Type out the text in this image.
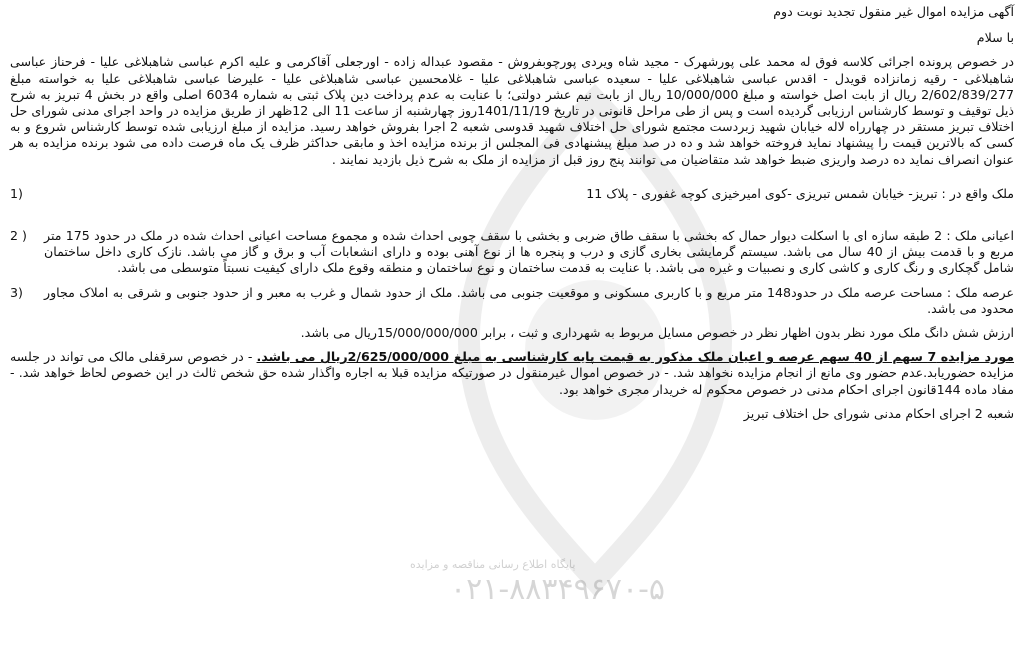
پایگاه اطلاع رسانی مناقصه و مزایده
۰۲۱-۸۸۳۴۹۶۷۰-۵

آگهی مزایده اموال غیر منقول تجدید نوبت دوم

با سلام

در خصوص پرونده اجرائی کلاسه فوق له محمد علی پورشهرک - مجید شاه ویردی پورچوبفروش - مقصود عبداله زاده - اورجعلی آقاکرمی و علیه اکرم عباسی شاهبلاغی علیا - فرحناز عباسی شاهبلاغی - رقیه زمانزاده قویدل - اقدس عباسی شاهبلاغی علیا - سعیده عباسی شاهبلاغی علیا - غلامحسین عباسی شاهبلاغی علیا - علیرضا عباسی شاهبلاغی علیا به خواسته مبلغ 2/602/839/277 ریال از بابت اصل خواسته و مبلغ 10/000/000 ریال از بابت نیم عشر دولتی؛ با عنایت به عدم پرداخت دین پلاک ثبتی به شماره 6034 اصلی واقع در بخش 4 تبریز به شرح ذیل توقیف و توسط کارشناس ارزیابی گردیده است و پس از طی مراحل قانونی در تاریخ 1401/11/19روز چهارشنبه از ساعت 11 الی 12ظهر از طریق مزایده در واحد اجرای مدنی شورای حل اختلاف تبریز مستقر در چهارراه لاله خیابان شهید زبردست مجتمع شورای حل اختلاف شهید قدوسی شعبه 2 اجرا بفروش خواهد رسید. مزایده از مبلغ ارزیابی شده توسط کارشناس شروع و به کسی که بالاترین قیمت را پیشنهاد نماید فروخته خواهد شد و ده در صد مبلغ پیشنهادی فی المجلس از برنده مزایده اخذ و مابقی حداکثر ظرف یک ماه فرصت داده می شود برنده مزایده به هر عنوان انصراف نماید ده درصد واریزی ضبط خواهد شد متقاضیان می توانند پنج روز قبل از مزایده از ملک به شرح ذیل بازدید نمایند .

ملک واقع در : تبریز- خیابان شمس تبریزی -کوی امیرخیزی کوچه غفوری - پلاک 11
(1
اعیانی ملک : 2 طبقه سازه ای با اسکلت دیوار حمال که بخشی با سقف طاق ضربی و بخشی با سقف چوبی احداث شده و مجموع مساحت اعیانی احداث شده در ملک در حدود 175 متر مربع و با قدمت بیش از 40 سال می باشد. سیستم گرمایشی بخاری گازی و درب و پنجره ها از نوع آهنی بوده و دارای انشعابات آب و برق و گاز می باشد. نازک کاری داخل ساختمان شامل گچکاری و رنگ کاری و کاشی کاری و نصبیات و غیره می باشد. با عنایت به قدمت ساختمان و نوع ساختمان و منطقه وقوع ملک دارای کیفیت نسبتاً متوسطی می باشد.
( 2
عرصه ملک : مساحت عرصه ملک در حدود148 متر مربع و با کاربری مسکونی و موقعیت جنوبی می باشد. ملک از حدود شمال و غرب به معبر و از حدود جنوبی و شرقی به املاک مجاور محدود می باشد.
(3

ارزش شش دانگ ملک مورد نظر بدون اظهار نظر در خصوص مسایل مربوط به شهرداری و ثبت ، برابر 15/000/000/000ریال می باشد.

مورد مزایده 7 سهم از 40 سهم عرصه و اعیان ملک مذکور به قیمت پایه کارشناسی به مبلغ 2/625/000/000ریال می باشد. - در خصوص سرقفلی مالک می تواند در جلسه مزایده حضوریابد.عدم حضور وی مانع از انجام مزایده نخواهد شد. - در خصوص اموال غیرمنقول در صورتیکه مزایده قبلا به اجاره واگذار شده حق شخص ثالث در این خصوص لحاظ خواهد شد. - مفاد ماده 144قانون اجرای احکام مدنی در خصوص محکوم له خریدار مجری خواهد بود.

شعبه 2 اجرای احکام مدنی شورای حل اختلاف تبریز
